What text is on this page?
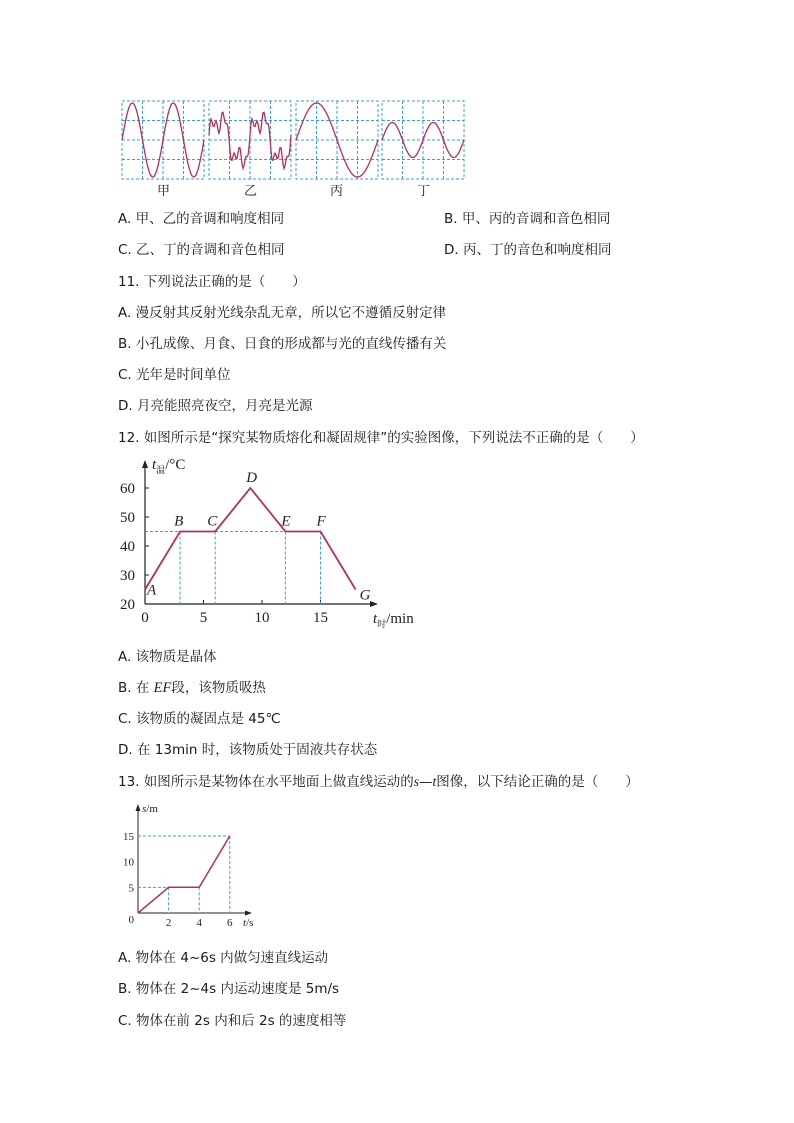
甲	乙	丙	丁
A. 甲、乙的音调和响度相同	B. 甲、丙的音调和音色相同
C. 乙、丁的音调和音色相同	D. 丙、丁的音色和响度相同
11. 下列说法正确的是（　　）
A. 漫反射其反射光线杂乱无章，所以它不遵循反射定律
B. 小孔成像、月食、日食的形成都与光的直线传播有关
C. 光年是时间单位
D. 月亮能照亮夜空，月亮是光源
12. 如图所示是“探究某物质熔化和凝固规律”的实验图像，下列说法不正确的是（　　）
20
30
40
50
60
0	5	10	15
$t_温/^\circ C$
$t_时/\min$
A
B C
D
E F
G
A. 该物质是晶体
B. 在 EF段，该物质吸热
C. 该物质的凝固点是 45℃
D. 在 13min 时，该物质处于固液共存状态
13. 如图所示是某物体在水平地面上做直线运动的s—t图像，以下结论正确的是（　　）
5
10
15
2 4 6
0
s/m
t/s
A. 物体在 4~6s 内做匀速直线运动
B. 物体在 2~4s 内运动速度是 5m/s
C. 物体在前 2s 内和后 2s 的速度相等
